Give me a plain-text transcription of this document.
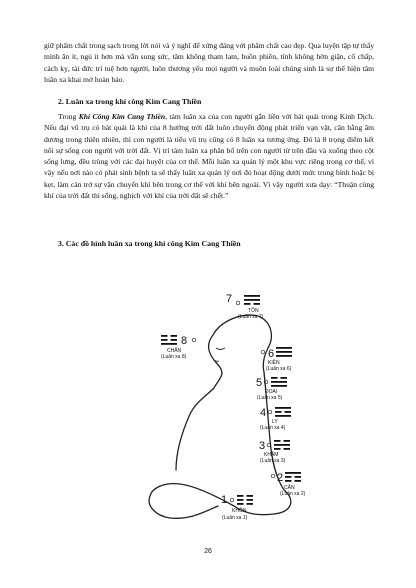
giữ phẩm chất trong sạch trong lời nói và ý nghĩ để xứng đáng với phẩm chất cao đẹp. Qua luyện tập tự thấy mình ăn ít, ngủ ít hơn mà vẫn sung sức, tâm không tham lam, buồn phiền, tính không hờn giận, cố chấp, cách kỵ, tài đức trí tuệ hơn người, luôn thương yêu mọi người và muôn loài chúng sinh là sự thể hiện tâm luân xa khai mở hoàn hảo.
2. Luân xa trong khí công Kim Cang Thiền
Trong Khí Công Kim Cang Thiền, tám luân xa của con người gắn liền với bát quái trong Kinh Dịch. Nếu đại vũ trụ có bát quái là khí của 8 hướng trời đất luôn chuyển động phát triển vạn vật, cân bằng âm dương trong thiên nhiên, thì con người là tiểu vũ trụ cũng có 8 luân xa tương ứng. Đó là 8 trọng điểm kết nối sự sống con người với trời đất. Vị trí tám luân xa phân bố trên con người từ trên đầu và xuống theo cột sống lưng, đều trùng với các đại huyệt của cơ thể. Mỗi luân xa quản lý một khu vực riêng trong cơ thể, vì vậy nếu nơi nào có phát sinh bệnh ta sẽ thấy luân xa quản lý nơi đó hoạt động dưới mức trung bình hoặc bị kẹt, làm cản trở sự vận chuyển khí bên trong cơ thể với khí bên ngoài. Vì vậy người xưa dạy: “Thuận cùng khí của trời đất thì sống, nghịch với khí của trời đất sẽ chết.”
3. Các đồ hình luân xa trong khí công Kim Cang Thiền
7
TỐN
(Luân xa 7)
8
CHẤN
(Luân xa 8)	6
KIỀN
(Luân xa 6)
5
ĐOÀI
(Luân xa 5)
4
LY
(Luân xa 4)
3
KHẢM
(Luân xa 3)
2
CẤN
(Luân xa 2)
1
KHÔN
(Luân xa 1)
26
